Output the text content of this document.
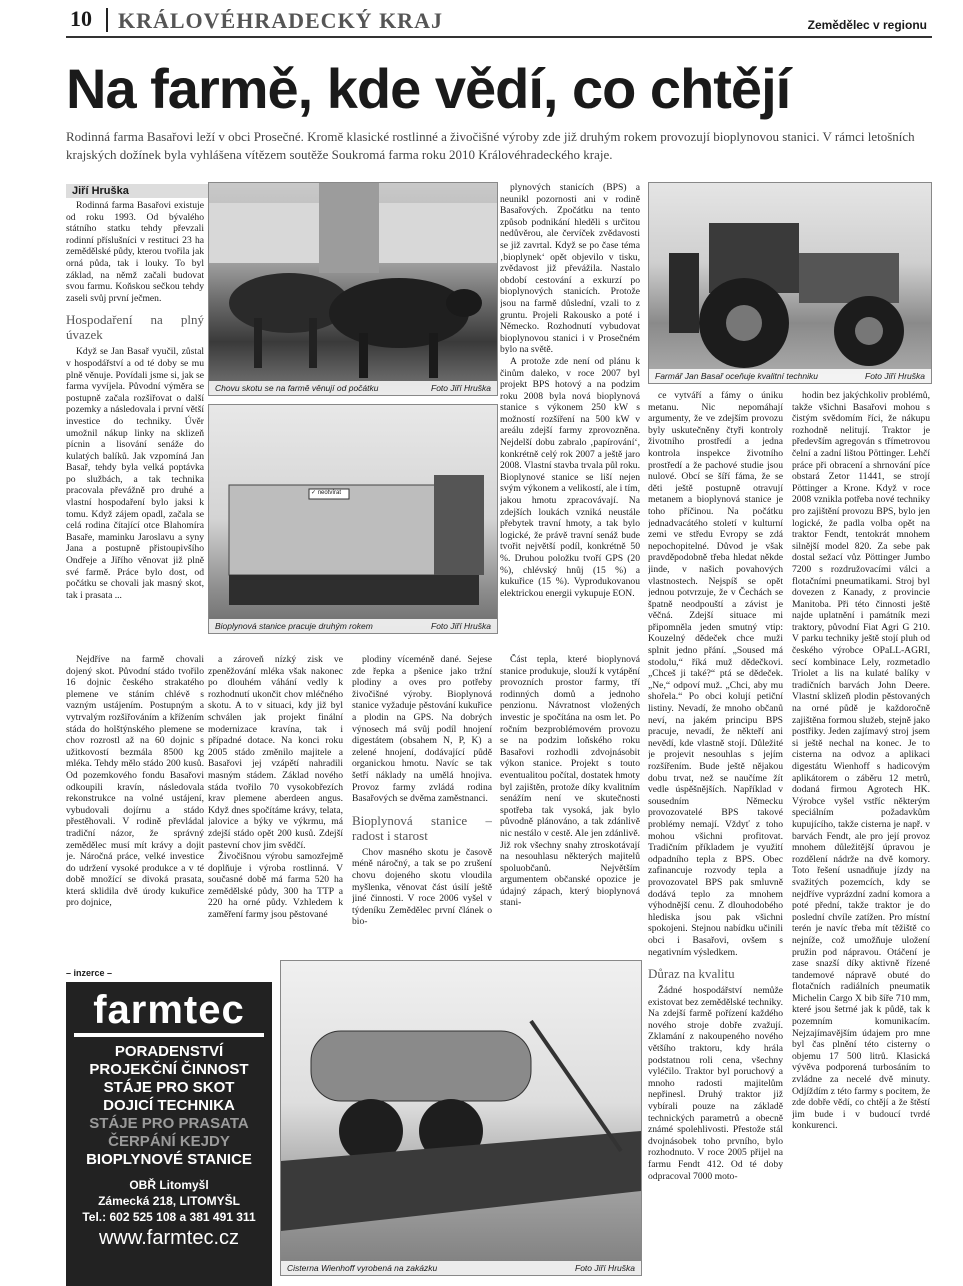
10 KRÁLOVÉHRADECKÝ KRAJ	Zemědělec v regionu
Na farmě, kde vědí, co chtějí
Rodinná farma Basařovi leží v obci Prosečné. Kromě klasické rostlinné a živočišné výroby zde již druhým rokem provozují bioplynovou stanici. V rámci letošních krajských dožínek byla vyhlášena vítězem soutěže Soukromá farma roku 2010 Královéhradeckého kraje.
Jiří Hruška

Rodinná farma Basařovi existuje od roku 1993. Od bývalého státního statku tehdy převzali rodinní příslušníci v restituci 23 ha zemědělské půdy, kterou tvořila jak orná půda, tak i louky. To byl základ, na němž začali budovat svou farmu. Koňskou sečkou tehdy zaseli svůj první ječmen.

Hospodaření na plný úvazek

Když se Jan Basař vyučil, zůstal v hospodářství a od té doby se mu plně věnuje. Povídali jsme si, jak se farma vyvíjela. Původní výměra se postupně začala rozšiřovat o další pozemky a následovala i první větší investice do techniky. Úvěr umožnil nákup linky na sklizeň pícnin a lisování senáže do kulatých balíků. Jak vzpomíná Jan Basař, tehdy byla velká poptávka po službách, a tak technika pracovala převážně pro druhé a vlastní hospodaření bylo jaksi k tomu. Když zájem opadl, začala se celá rodina čítající otce Blahomíra Basaře, maminku Jaroslavu a syny Jana a postupně přistoupivšího Ondřeje a Jiřího věnovat již plně své farmě. Práce bylo dost, od počátku se chovali jak masný skot, tak i prasata ...

Nejdříve na farmě chovali dojený skot. Původní stádo tvořilo 16 dojnic českého strakatého plemene ve stáním chlévě s vazným ustájením. Postupným a vytrvalým rozšiřováním a křížením stáda do holštýnského plemene se chov rozrostl až na 60 dojnic s užitkovostí bezmála 8500 kg mléka. Tehdy mělo stádo 200 kusů. Od pozemkového fondu Basařovi odkoupili kravín, následovala rekonstrukce na volné ustájení, vybudovali dojírnu a stádo přestěhovali. V rodině převládal tradiční názor, že správný zemědělec musí mít krávy a dojit je. Náročná práce, velké investice do udržení vysoké produkce a v té době množící se divoká prasata, která sklidila dvě úrody kukuřice pro dojnice,

Chovu skotu se na farmě věnují od počátku	Foto Jiří Hruška
Farmář Jan Basař oceňuje kvalitní techniku	Foto Jiří Hruška
✓ neotvírat
Bioplynová stanice pracuje druhým rokem	Foto Jiří Hruška

a zároveň nízký zisk ve zpeněžování mléka však nakonec po dlouhém váhání vedly k rozhodnutí ukončit chov mléčného skotu. A to v situaci, kdy již byl schválen jak projekt finální modernizace kravína, tak i případné dotace. Na konci roku 2005 stádo změnilo majitele a Basařovi jej vzápětí nahradili masným stádem. Základ nového stáda tvořilo 70 vysokobřezích krav plemene aberdeen angus. Když dnes spočítáme krávy, telata, jalovice a býky ve výkrmu, má zdejší stádo opět 200 kusů. Zdejší pastevní chov jim svědčí.

Živočišnou výrobu samozřejmě doplňuje i výroba rostlinná. V současné době má farma 520 ha zemědělské půdy, 300 ha TTP a 220 ha orné půdy. Vzhledem k zaměření farmy jsou pěstované

plynových stanicích (BPS) a neunikl pozornosti ani v rodině Basařových. Zpočátku na tento způsob podnikání hleděli s určitou nedůvěrou, ale červíček zvědavosti se již zavrtal. Když se po čase téma ‚bioplynek‘ opět objevilo v tisku, zvědavost již převážila. Nastalo období cestování a exkurzí po bioplynových stanicích. Protože jsou na farmě důslední, vzali to z gruntu. Projeli Rakousko a poté i Německo. Rozhodnutí vybudovat bioplynovou stanici i v Prosečném bylo na světě.

A protože zde není od plánu k činům daleko, v roce 2007 byl projekt BPS hotový a na podzim roku 2008 byla nová bioplynová stanice s výkonem 250 kW s možností rozšíření na 500 kW v areálu zdejší farmy zprovozněna. Nejdelší dobu zabralo ‚papírování‘, konkrétně celý rok 2007 a ještě jaro 2008. Vlastní stavba trvala půl roku. Bioplynové stanice se liší nejen svým výkonem a velikostí, ale i tím, jakou hmotu zpracovávají. Na zdejších loukách vzniká neustále přebytek travní hmoty, a tak bylo logické, že právě travní senáž bude tvořit největší podíl, konkrétně 50 %. Druhou položku tvoří GPS (20 %), chlévský hnůj (15 %) a kukuřice (15 %). Vyprodukovanou elektrickou energii vykupuje EON.

plodiny víceméně dané. Sejese zde řepka a pšenice jako tržní plodiny a oves pro potřeby živočišné výroby. Bioplynová stanice vyžaduje pěstování kukuřice a plodin na GPS. Na dobrých výnosech má svůj podíl hnojení digestátem (obsahem N, P, K) a zelené hnojení, dodávající půdě organickou hmotu. Navíc se tak šetří náklady na umělá hnojiva. Provoz farmy zvládá rodina Basařových se dvěma zaměstnanci.

Bioplynová stanice – radost i starost

Chov masného skotu je časově méně náročný, a tak se po zrušení chovu dojeného skotu vloudila myšlenka, věnovat část úsilí ještě jiné činnosti. V roce 2006 vyšel v týdeníku Zemědělec první článek o bio-

Část tepla, které bioplynová stanice produkuje, slouží k vytápění provozních prostor farmy, tří rodinných domů a jednoho penzionu. Návratnost vložených investic je spočítána na osm let. Po ročním bezproblémovém provozu se na podzim loňského roku Basařovi rozhodli zdvojnásobit výkon stanice. Projekt s touto eventualitou počítal, dostatek hmoty byl zajištěn, protože díky kvalitním senážím není ve skutečnosti spotřeba tak vysoká, jak bylo původně plánováno, a tak zdánlivě nic nestálo v cestě. Ale jen zdánlivě. Již rok všechny snahy ztroskotávají na nesouhlasu některých majitelů spoluobčanů. Největším argumentem občanské opozice je údajný zápach, který bioplynová stani-

ce vytváří a fámy o úniku metanu. Nic nepomáhají argumenty, že ve zdejším provozu byly uskutečněny čtyři kontroly životního prostředí a jedna kontrola inspekce životního prostředí a že pachové studie jsou nulové. Obcí se šíří fáma, že se děti ještě postupně otravují metanem a bioplynová stanice je toho příčinou. Na počátku jednadvacátého století v kulturní zemi ve středu Evropy se zdá nepochopitelné. Důvod je však pravděpodobně třeba hledat někde jinde, v našich povahových vlastnostech. Nejspíš se opět jednou potvrzuje, že v Čechách se špatně neodpouští a závist je věčná. Zdejší situace mi připomněla jeden smutný vtip: Kouzelný dědeček chce muži splnit jedno přání. „Soused má stodolu,“ říká muž dědečkovi. „Chceš ji také?“ ptá se dědeček. „Ne,“ odpoví muž. „Chci, aby mu shořela.“ Po obci kolují petiční listiny. Nevadí, že mnoho občanů neví, na jakém principu BPS pracuje, nevadí, že někteří ani nevědí, kde vlastně stojí. Důležité je projevit nesouhlas s jejím rozšířením. Bude ještě nějakou dobu trvat, než se naučíme žít vedle úspěšnějších. Například v sousedním Německu provozovatelé BPS takové problémy nemají. Vždyť z toho mohou všichni profitovat. Tradičním příkladem je využití odpadního tepla z BPS. Obec zafinancuje rozvody tepla a provozovatel BPS pak smluvně dodává teplo za mnohem výhodnější cenu. Z dlouhodobého hlediska jsou pak všichni spokojeni. Stejnou nabídku učinili obci i Basařovi, ovšem s negativním výsledkem.

Důraz na kvalitu

Žádné hospodářství nemůže existovat bez zemědělské techniky. Na zdejší farmě pořízení každého nového stroje dobře zvažují. Zklamání z nakoupeného nového většího traktoru, kdy hrála podstatnou roli cena, všechny vyléčilo. Traktor byl poruchový a mnoho radosti majitelům nepřinesl. Druhý traktor již vybírali pouze na základě technických parametrů a obecně známé spolehlivosti. Přestože stál dvojnásobek toho prvního, bylo rozhodnuto. V roce 2005 přijel na farmu Fendt 412. Od té doby odpracoval 7000 moto-

hodin bez jakýchkoliv problémů, takže všichni Basařovi mohou s čistým svědomím říci, že nákupu rozhodně nelitují. Traktor je především agregován s třímetrovou čelní a zadní lištou Pöttinger. Lehčí práce při obracení a shrnování píce obstará Zetor 11441, se strojí Pöttinger a Krone. Když v roce 2008 vznikla potřeba nové techniky pro zajištění provozu BPS, bylo jen logické, že padla volba opět na traktor Fendt, tentokrát mnohem silnější model 820. Za sebe pak dostal sežací vůz Pöttinger Jumbo 7200 s rozdružovacími válci a flotačními pneumatikami. Stroj byl dovezen z Kanady, z provincie Manitoba. Při této činnosti ještě najde uplatnění i památník mezi traktory, původní Fiat Agri G 210. V parku techniky ještě stojí pluh od českého výrobce OPaLL-AGRI, secí kombinace Lely, rozmetadlo Triolet a lis na kulaté balíky v tradičních barvách John Deere. Vlastní sklizeň plodin pěstovaných na orné půdě je každoročně zajištěna formou služeb, stejně jako postřiky. Jeden zajímavý stroj jsem si ještě nechal na konec. Je to cisterna na odvoz a aplikaci digestátu Wienhoff s hadicovým aplikátorem o záběru 12 metrů, dodaná firmou Agrotech HK. Výrobce vyšel vstříc některým speciálním požadavkům kupujícího, takže cisterna je např. v barvách Fendt, ale pro její provoz mnohem důležitější úpravou je rozdělení nádrže na dvě komory. Toto řešení usnadňuje jízdy na svažitých pozemcích, kdy se nejdříve vyprázdní zadní komora a poté přední, takže traktor je do poslední chvíle zatížen. Pro místní terén je navíc třeba mít těžiště co nejníže, což umožňuje uložení pružin pod nápravou. Otáčení je zase snazší díky aktivně řízené tandemové nápravě obuté do flotačních radiálních pneumatik Michelin Cargo X bib šíře 710 mm, které jsou šetrné jak k půdě, tak k pozemním komunikacím. Nejzajímavějším údajem pro mne byl čas plnění této cisterny o objemu 17 500 litrů. Klasická vývěva podporená turbosáním to zvládne za necelé dvě minuty. Odjíždím z této farmy s pocitem, že zde dobře vědí, co chtějí a že štěstí jim bude i v budoucí tvrdé konkurenci.

Cisterna Wienhoff vyrobená na zakázku	Foto Jiří Hruška
– inzerce –
farmtec
PORADENSTVÍ
PROJEKČNÍ ČINNOST
STÁJE PRO SKOT
DOJICÍ TECHNIKA
STÁJE PRO PRASATA
ČERPÁNÍ KEJDY
BIOPLYNOVÉ STANICE
OBŘ Litomyšl
Zámecká 218, LITOMYŠL
Tel.: 602 525 108 a 381 491 311
www.farmtec.cz
